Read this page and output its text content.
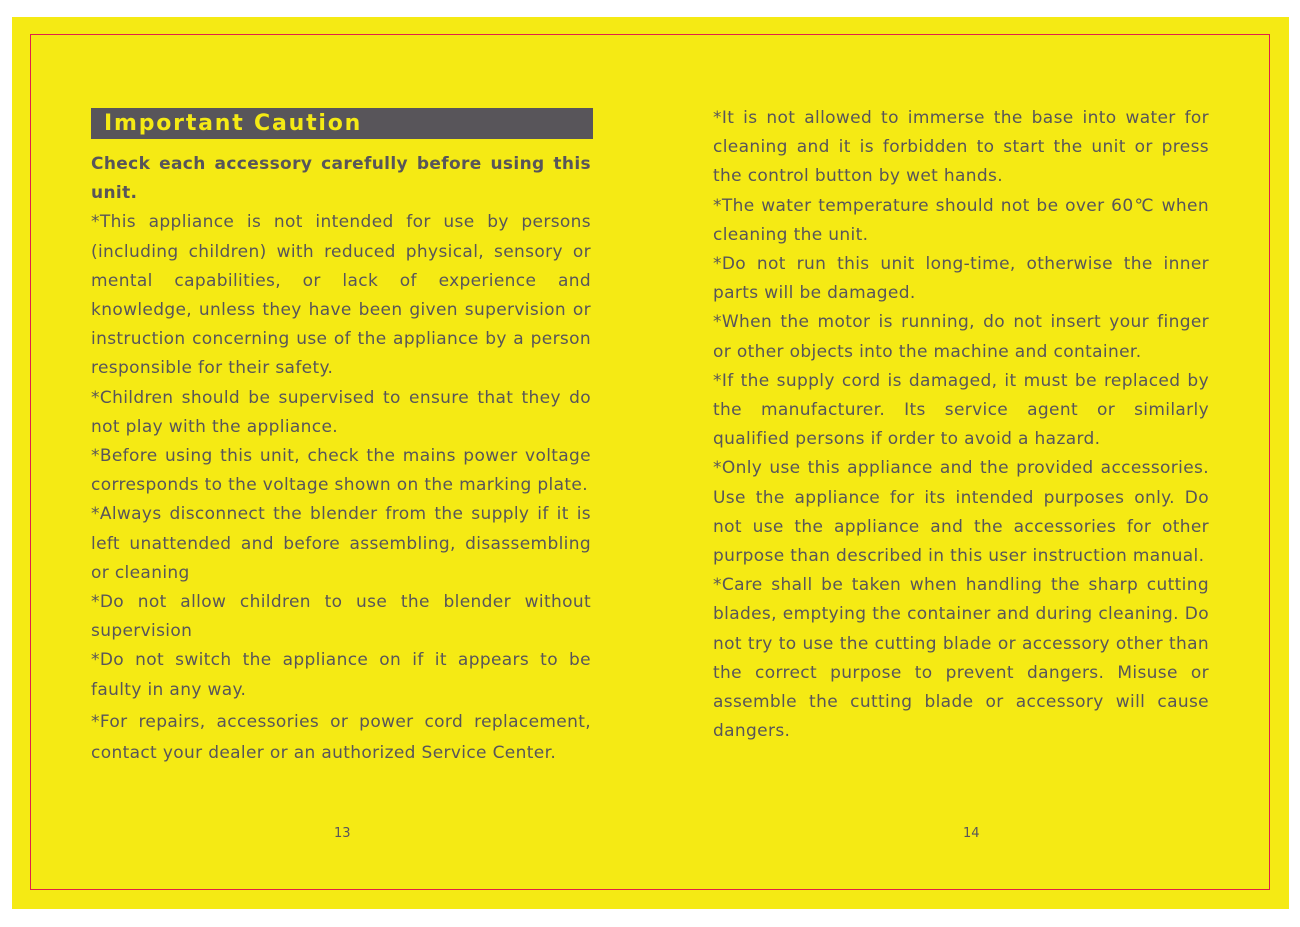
Important Caution

Check each accessory carefully before using this unit.

*This appliance is not intended for use by persons (including children) with reduced physical, sensory or mental capabilities, or lack of experience and knowledge, unless they have been given supervision or instruction concerning use of the appliance by a person responsible for their safety.

*Children should be supervised to ensure that they do not play with the appliance.

*Before using this unit, check the mains power voltage corresponds to the voltage shown on the marking plate.

*Always disconnect the blender from the supply if it is left unattended and before assembling, disassembling or cleaning

*Do not allow children to use the blender without supervision

*Do not switch the appliance on if it appears to be faulty in any way.

*For repairs, accessories or power cord replacement, contact your dealer or an authorized Service Center.

*It is not allowed to immerse the base into water for cleaning and it is forbidden to start the unit or press the control button by wet hands.

*The water temperature should not be over 60℃ when cleaning the unit.

*Do not run this unit long-time, otherwise the inner parts will be damaged.

*When the motor is running, do not insert your finger or other objects into the machine and container.

*If the supply cord is damaged, it must be replaced by the manufacturer. Its service agent or similarly qualified persons if order to avoid a hazard.

*Only use this appliance and the provided accessories. Use the appliance for its intended purposes only. Do not use the appliance and the accessories for other purpose than described in this user instruction manual.

*Care shall be taken when handling the sharp cutting blades, emptying the container and during cleaning. Do not try to use the cutting blade or accessory other than the correct purpose to prevent dangers. Misuse or assemble the cutting blade or accessory will cause dangers.

13	14
